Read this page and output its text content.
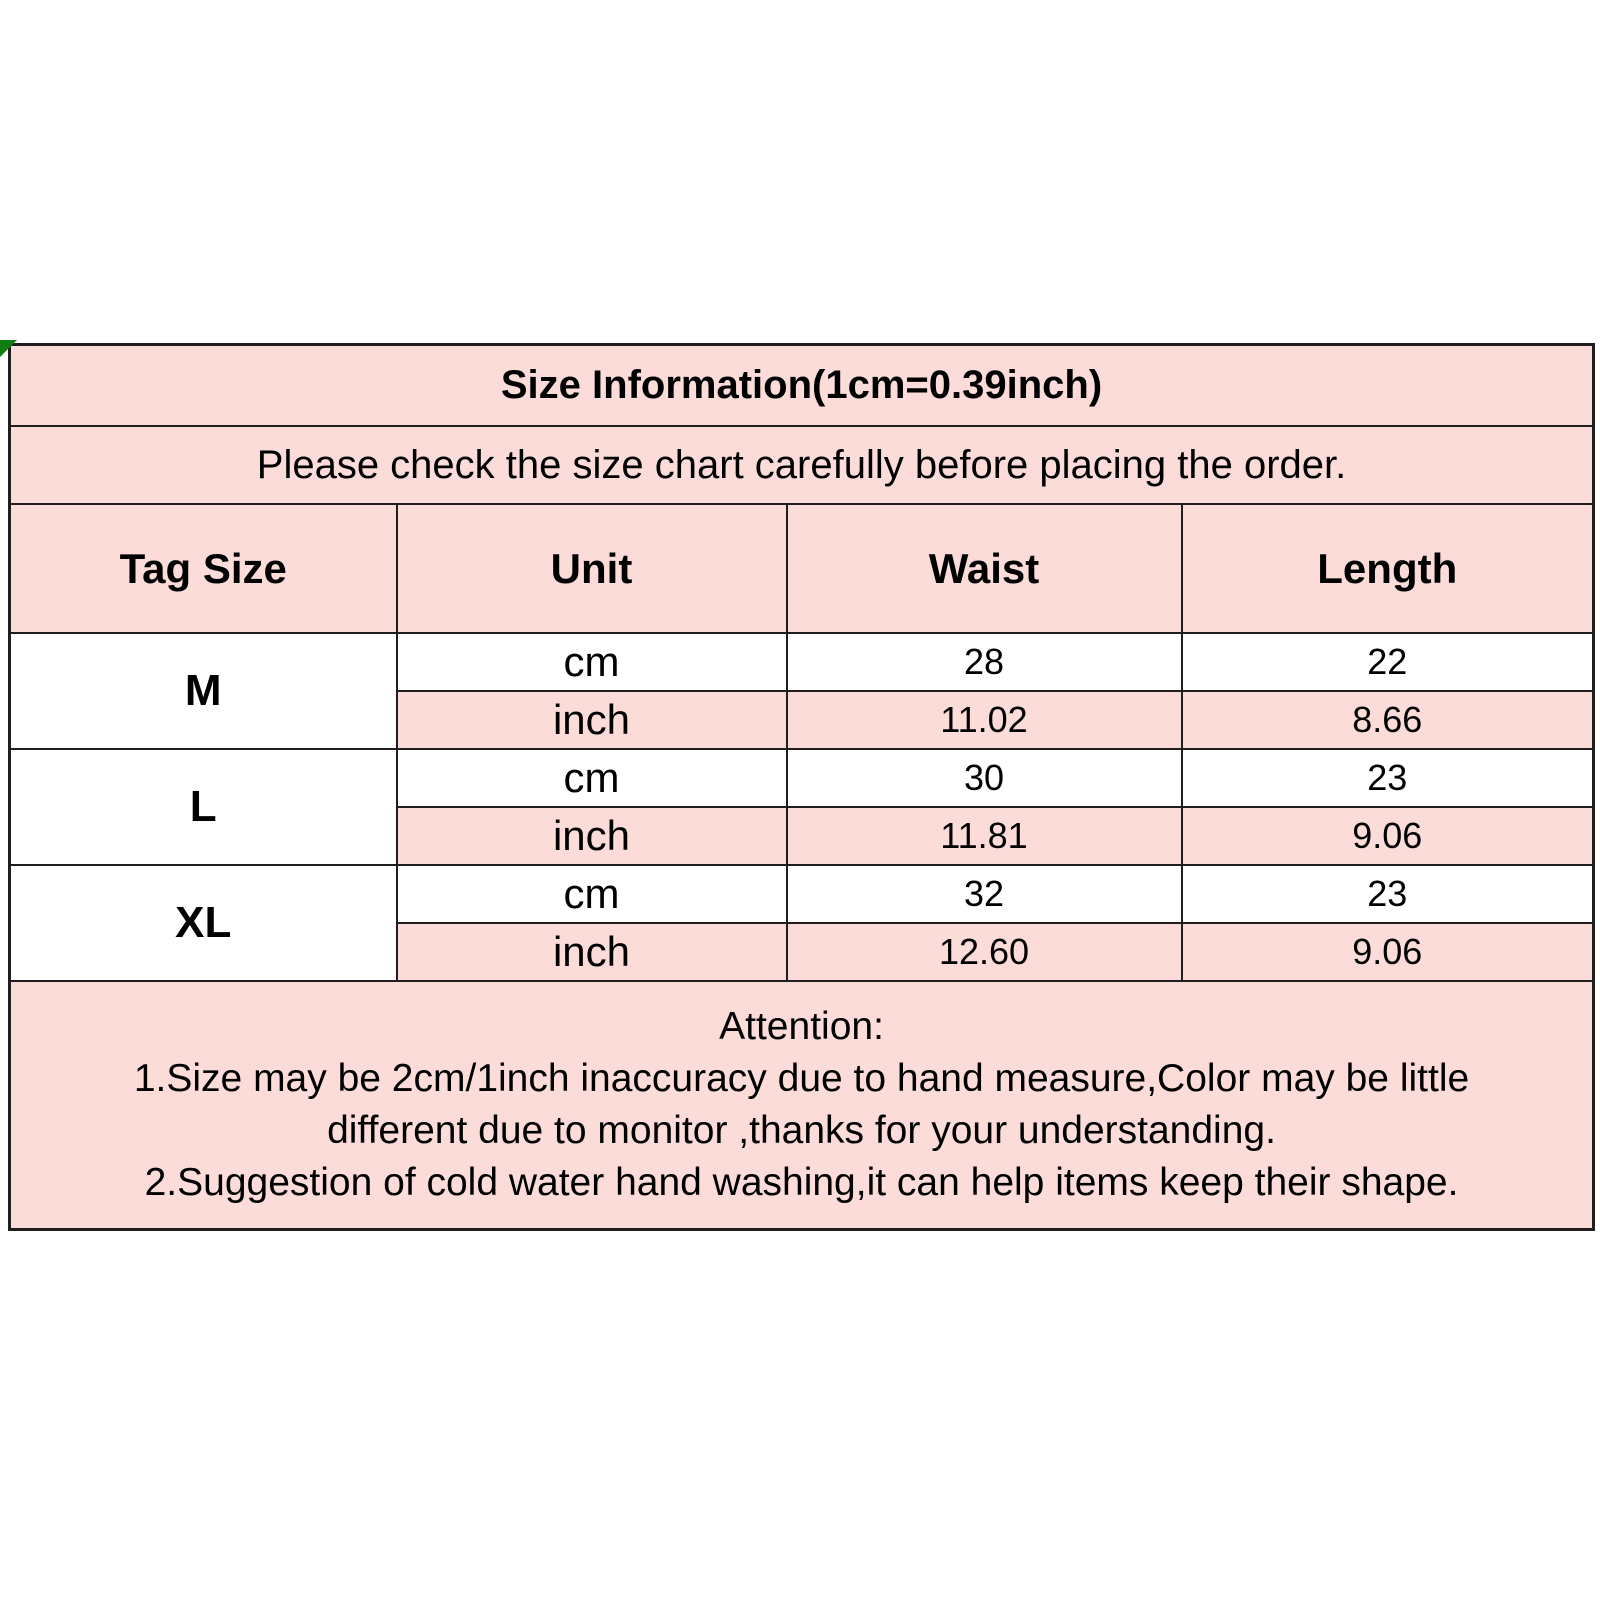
Size Information(1cm=0.39inch)			
Please check the size chart carefully before placing the order.			
Tag Size	Unit	Waist	Length
M	cm	28	22
	inch	11.02	8.66
L	cm	30	23
	inch	11.81	9.06
XL	cm	32	23
	inch	12.60	9.06

Attention:
1.Size may be 2cm/1inch inaccuracy due to hand measure,Color may be little
different due to monitor ,thanks for your understanding.
2.Suggestion of cold water hand washing,it can help items keep their shape.			
